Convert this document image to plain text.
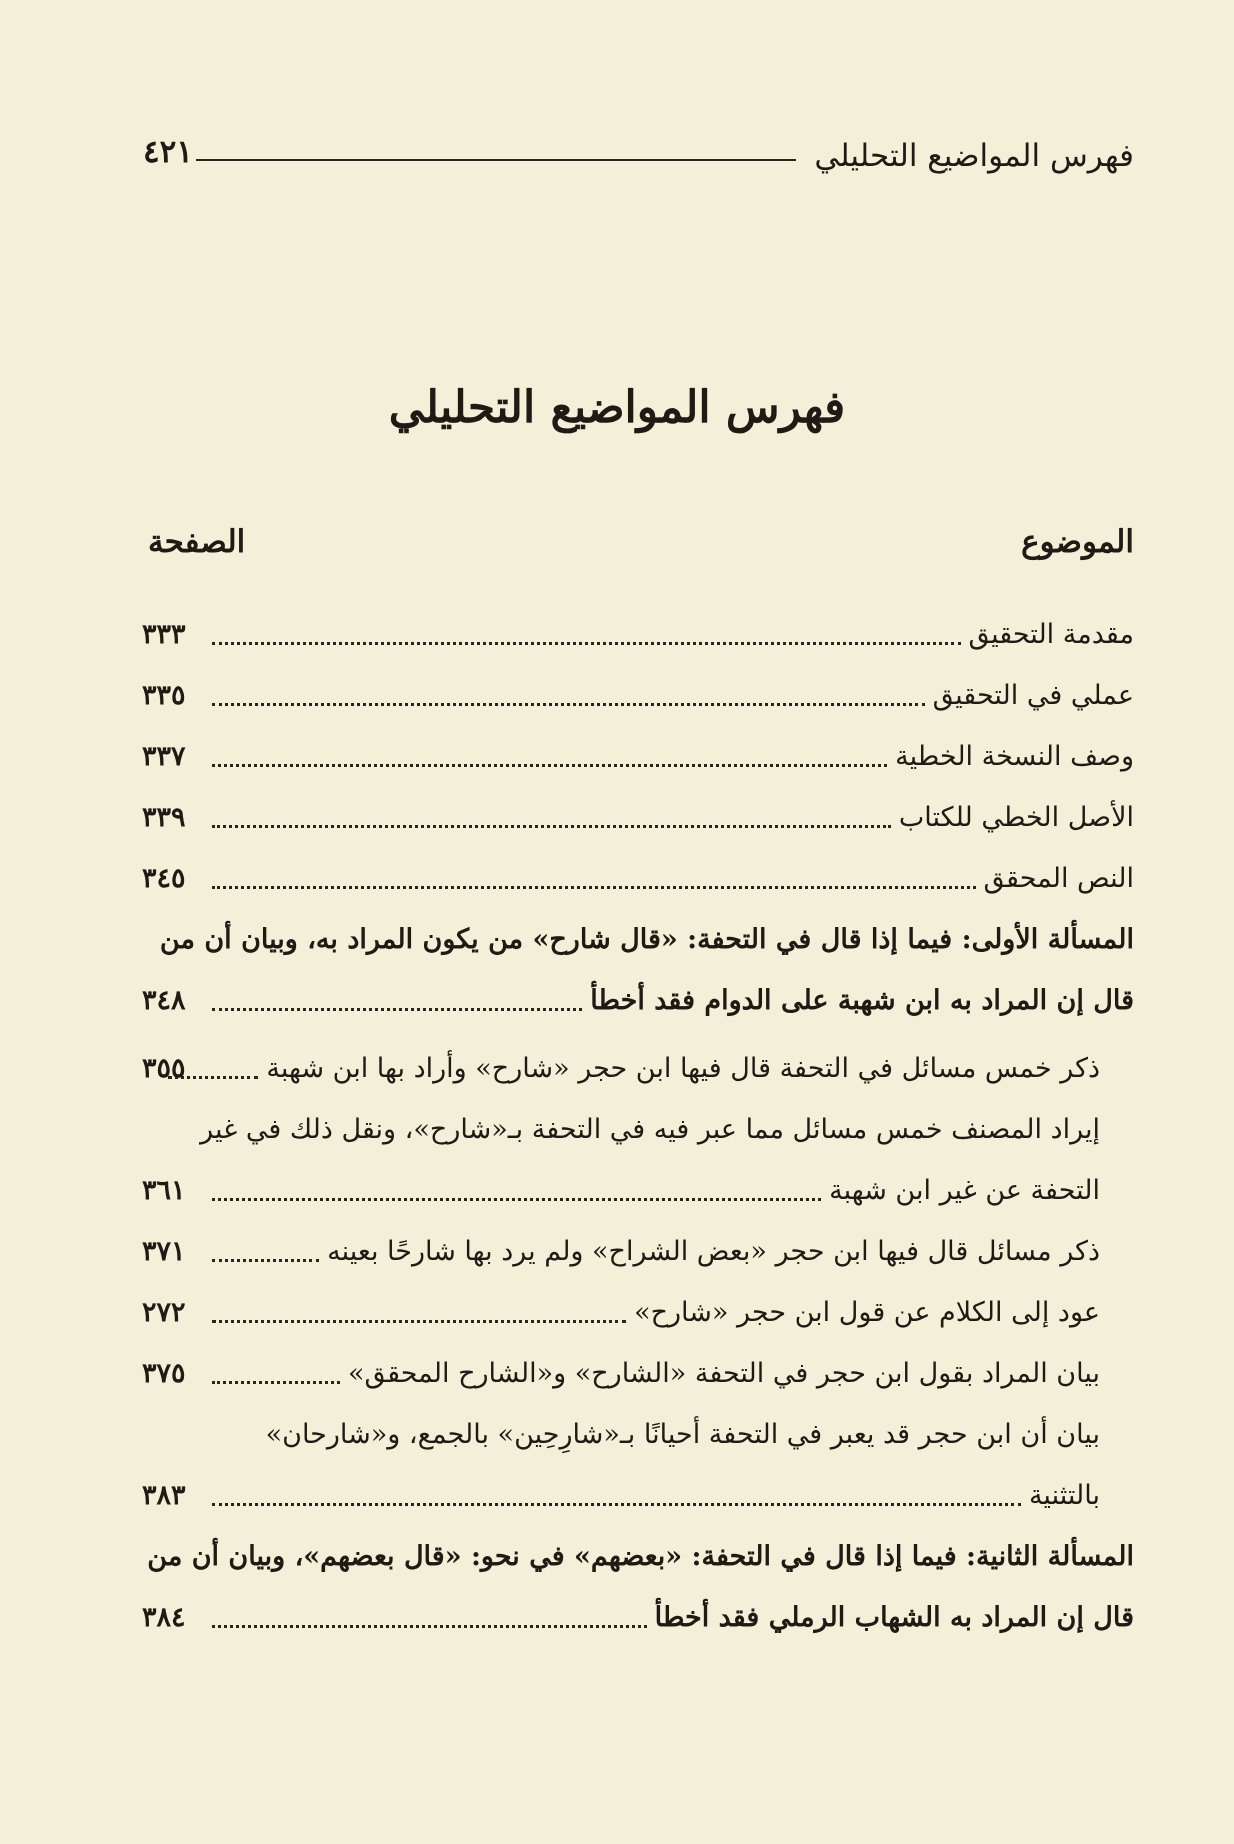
فهرس المواضيع التحليلي
٤٢١
فهرس المواضيع التحليلي
الموضوع
الصفحة
مقدمة التحقيق
٣٣٣
عملي في التحقيق
٣٣٥
وصف النسخة الخطية
٣٣٧
الأصل الخطي للكتاب
٣٣٩
النص المحقق
٣٤٥
المسألة الأولى: فيما إذا قال في التحفة: «قال شارح» من يكون المراد به، وبيان أن من
قال إن المراد به ابن شهبة على الدوام فقد أخطأ
٣٤٨
ذكر خمس مسائل في التحفة قال فيها ابن حجر «شارح» وأراد بها ابن شهبة
٣٥٥
إيراد المصنف خمس مسائل مما عبر فيه في التحفة بـ«شارح»، ونقل ذلك في غير
التحفة عن غير ابن شهبة
٣٦١
ذكر مسائل قال فيها ابن حجر «بعض الشراح» ولم يرد بها شارحًا بعينه
٣٧١
عود إلى الكلام عن قول ابن حجر «شارح»
٢٧٢
بيان المراد بقول ابن حجر في التحفة «الشارح» و«الشارح المحقق»
٣٧٥
بيان أن ابن حجر قد يعبر في التحفة أحيانًا بـ«شارِحِين» بالجمع، و«شارحان»
بالتثنية
٣٨٣
المسألة الثانية: فيما إذا قال في التحفة: «بعضهم» في نحو: «قال بعضهم»، وبيان أن من
قال إن المراد به الشهاب الرملي فقد أخطأ
٣٨٤
